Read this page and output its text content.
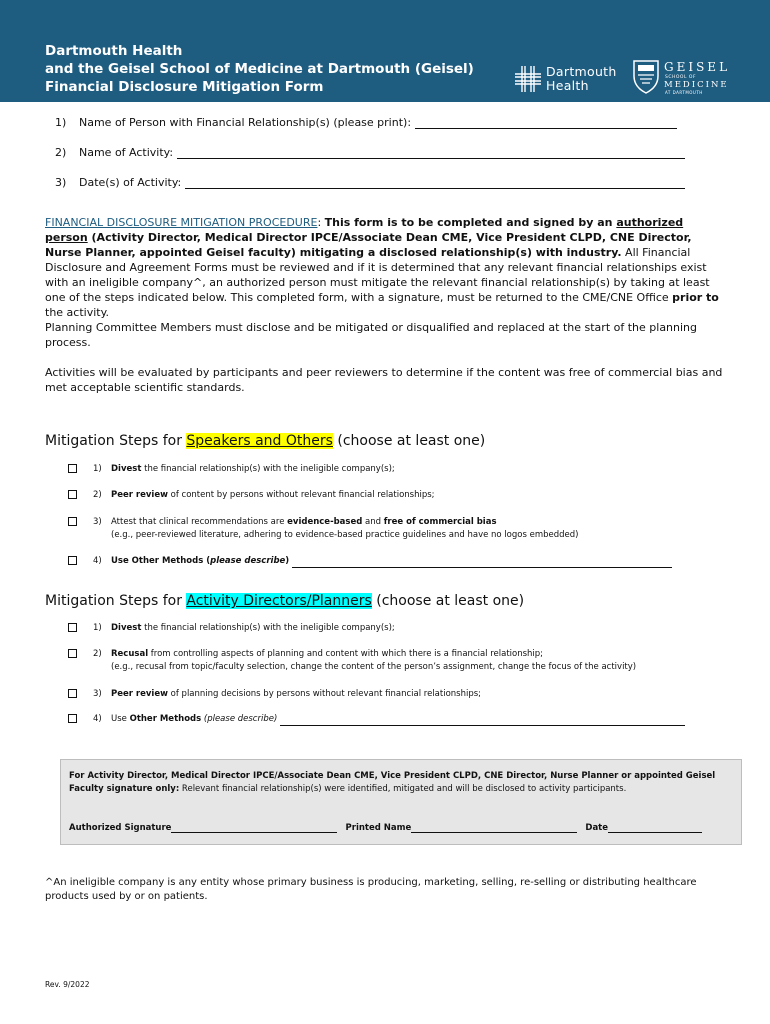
Dartmouth Health
and the Geisel School of Medicine at Dartmouth (Geisel)
Financial Disclosure Mitigation Form
Dartmouth
Health
GEISEL
SCHOOL OF
MEDICINE
AT DARTMOUTH
1)	Name of Person with Financial Relationship(s) (please print):
2)	Name of Activity:
3)	Date(s) of Activity:
FINANCIAL DISCLOSURE MITIGATION PROCEDURE: This form is to be completed and signed by an authorized person (Activity Director, Medical Director IPCE/Associate Dean CME, Vice President CLPD, CNE Director, Nurse Planner, appointed Geisel faculty) mitigating a disclosed relationship(s) with industry. All Financial Disclosure and Agreement Forms must be reviewed and if it is determined that any relevant financial relationships exist with an ineligible company^, an authorized person must mitigate the relevant financial relationship(s) by taking at least one of the steps indicated below. This completed form, with a signature, must be returned to the CME/CNE Office prior to the activity.
Planning Committee Members must disclose and be mitigated or disqualified and replaced at the start of the planning process.
Activities will be evaluated by participants and peer reviewers to determine if the content was free of commercial bias and met acceptable scientific standards.
Mitigation Steps for Speakers and Others (choose at least one)
1)	Divest the financial relationship(s) with the ineligible company(s);
2)	Peer review of content by persons without relevant financial relationships;
3)	Attest that clinical recommendations are evidence-based and free of commercial bias
(e.g., peer-reviewed literature, adhering to evidence-based practice guidelines and have no logos embedded)
4)	Use Other Methods (please describe)
Mitigation Steps for Activity Directors/Planners (choose at least one)
1)	Divest the financial relationship(s) with the ineligible company(s);
2)	Recusal from controlling aspects of planning and content with which there is a financial relationship;
(e.g., recusal from topic/faculty selection, change the content of the person’s assignment, change the focus of the activity)
3)	Peer review of planning decisions by persons without relevant financial relationships;
4)	Use Other Methods (please describe)
For Activity Director, Medical Director IPCE/Associate Dean CME, Vice President CLPD, CNE Director, Nurse Planner or appointed Geisel Faculty signature only: Relevant financial relationship(s) were identified, mitigated and will be disclosed to activity participants.
Authorized Signature	Printed Name	Date
^An ineligible company is any entity whose primary business is producing, marketing, selling, re-selling or distributing healthcare products used by or on patients.
Rev. 9/2022
